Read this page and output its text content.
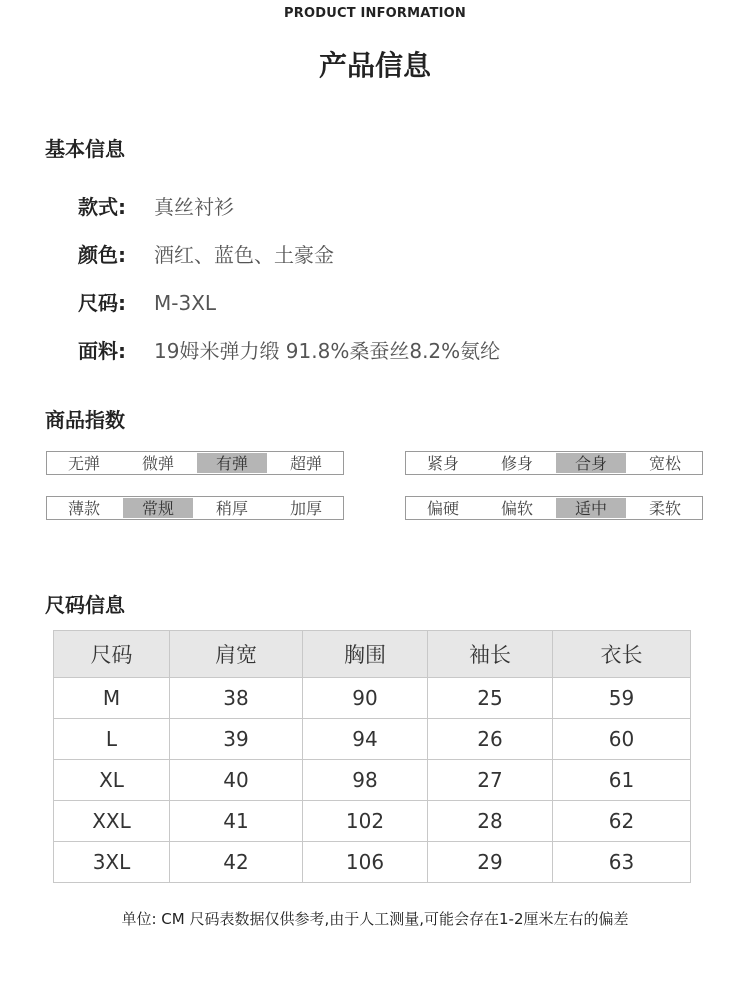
PRODUCT INFORMATION
产品信息
基本信息
款式: 真丝衬衫
颜色: 酒红、蓝色、土豪金
尺码: M-3XL
面料: 19姆米弹力缎 91.8%桑蚕丝8.2%氨纶
商品指数
无弹	微弹	有弹	超弹	紧身	修身	合身	宽松
薄款	常规	稍厚	加厚	偏硬	偏软	适中	柔软
尺码信息
尺码	肩宽	胸围	袖长	衣长
M	38	90	25	59
L	39	94	26	60
XL	40	98	27	61
XXL	41	102	28	62
3XL	42	106	29	63
单位: CM 尺码表数据仅供参考,由于人工测量,可能会存在1-2厘米左右的偏差
